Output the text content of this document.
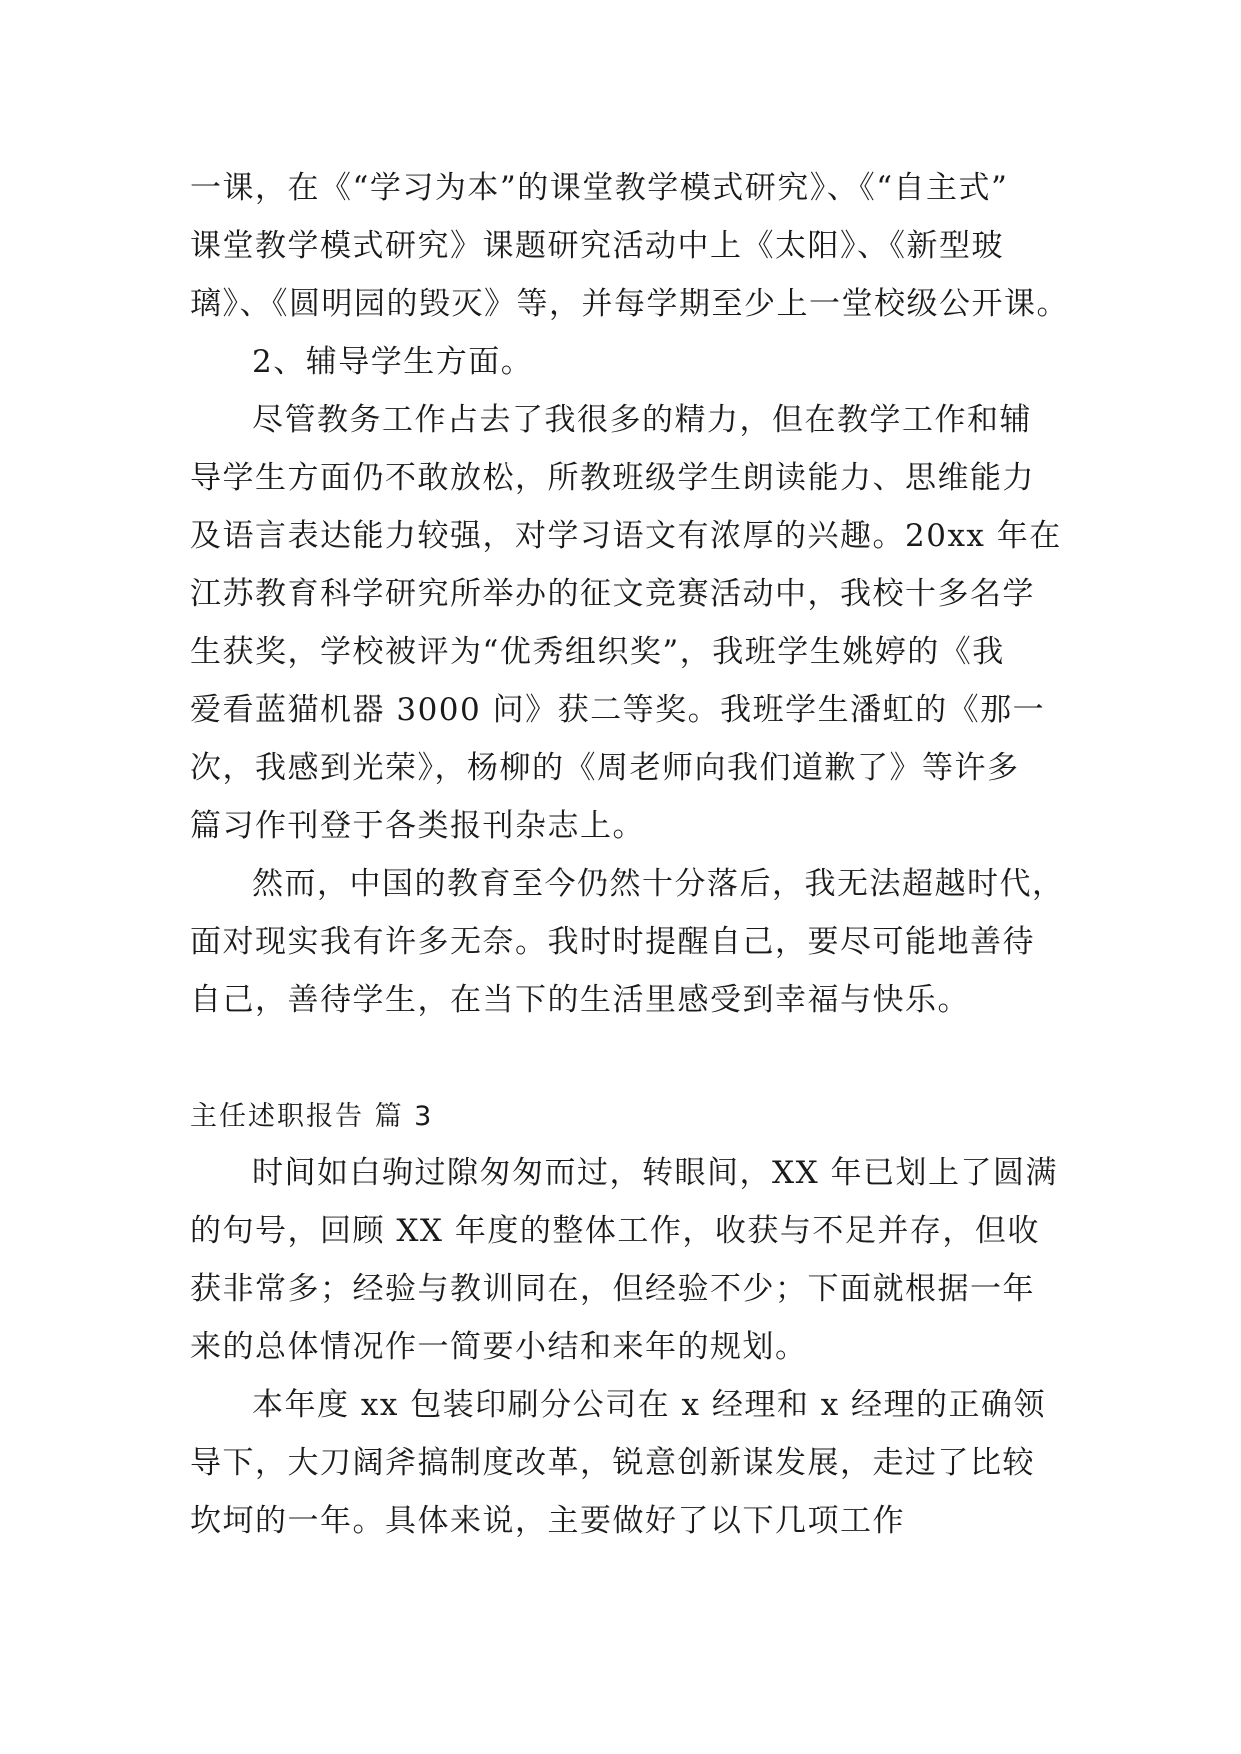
一课，在《“学习为本”的课堂教学模式研究》、《“自主式”
课堂教学模式研究》课题研究活动中上《太阳》、《新型玻
璃》、《圆明园的毁灭》等，并每学期至少上一堂校级公开课。
2、辅导学生方面。
尽管教务工作占去了我很多的精力，但在教学工作和辅
导学生方面仍不敢放松，所教班级学生朗读能力、思维能力
及语言表达能力较强，对学习语文有浓厚的兴趣。20xx 年在
江苏教育科学研究所举办的征文竞赛活动中，我校十多名学
生获奖，学校被评为“优秀组织奖”，我班学生姚婷的《我
爱看蓝猫机器 3000 问》获二等奖。我班学生潘虹的《那一
次，我感到光荣》，杨柳的《周老师向我们道歉了》等许多
篇习作刊登于各类报刊杂志上。
然而，中国的教育至今仍然十分落后，我无法超越时代，
面对现实我有许多无奈。我时时提醒自己，要尽可能地善待
自己，善待学生，在当下的生活里感受到幸福与快乐。
主任述职报告 篇 3
时间如白驹过隙匆匆而过，转眼间，XX 年已划上了圆满
的句号，回顾 XX 年度的整体工作，收获与不足并存，但收
获非常多；经验与教训同在，但经验不少；下面就根据一年
来的总体情况作一简要小结和来年的规划。
本年度 xx 包装印刷分公司在 x 经理和 x 经理的正确领
导下，大刀阔斧搞制度改革，锐意创新谋发展，走过了比较
坎坷的一年。具体来说，主要做好了以下几项工作
